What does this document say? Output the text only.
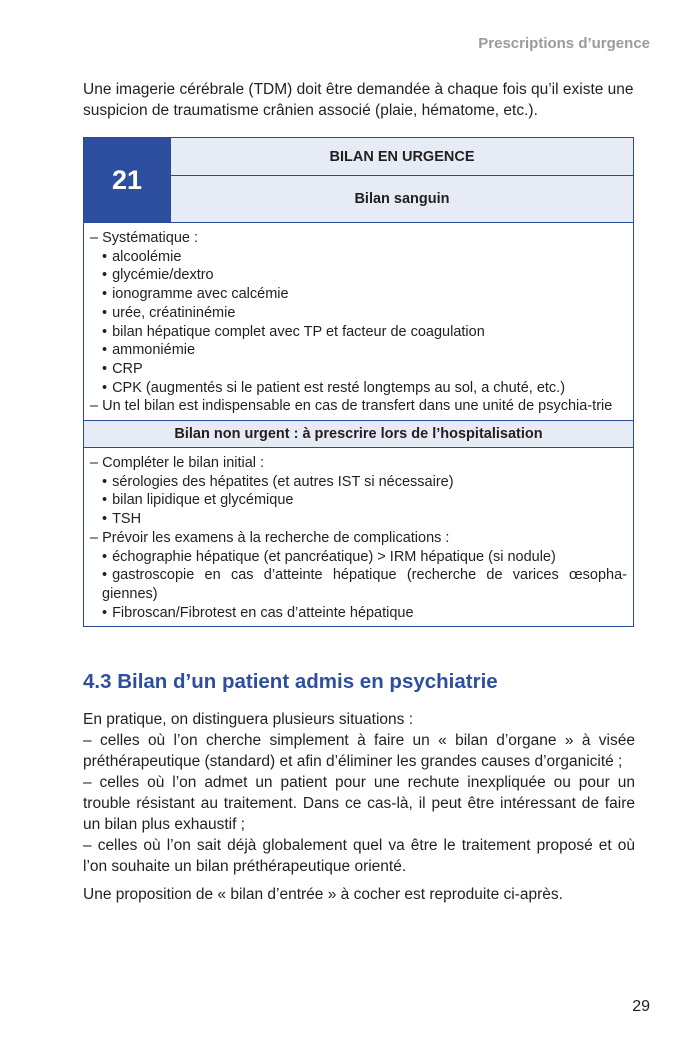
Prescriptions d’urgence
Une imagerie cérébrale (TDM) doit être demandée à chaque fois qu’il existe une suspicion de traumatisme crânien associé (plaie, hématome, etc.).
21
BILAN EN URGENCE
Bilan sanguin

– Systématique :

• alcoolémie

• glycémie/dextro

• ionogramme avec calcémie

• urée, créatininémie

• bilan hépatique complet avec TP et facteur de coagulation

• ammoniémie

• CRP

• CPK (augmentés si le patient est resté longtemps au sol, a chuté, etc.)

– Un tel bilan est indispensable en cas de transfert dans une unité de psychia-trie

Bilan non urgent : à prescrire lors de l’hospitalisation

– Compléter le bilan initial :

• sérologies des hépatites (et autres IST si nécessaire)

• bilan lipidique et glycémique

• TSH

– Prévoir les examens à la recherche de complications :

• échographie hépatique (et pancréatique) > IRM hépatique (si nodule)

• gastroscopie en cas d’atteinte hépatique (recherche de varices œsopha-giennes)

• Fibroscan/Fibrotest en cas d’atteinte hépatique

4.3 Bilan d’un patient admis en psychiatrie

En pratique, on distinguera plusieurs situations :

– celles où l’on cherche simplement à faire un « bilan d’organe » à visée préthérapeutique (standard) et afin d’éliminer les grandes causes d’organicité ;

– celles où l’on admet un patient pour une rechute inexpliquée ou pour un trouble résistant au traitement. Dans ce cas-là, il peut être intéressant de faire un bilan plus exhaustif ;

– celles où l’on sait déjà globalement quel va être le traitement proposé et où l’on souhaite un bilan préthérapeutique orienté.

Une proposition de « bilan d’entrée » à cocher est reproduite ci-après.

29
